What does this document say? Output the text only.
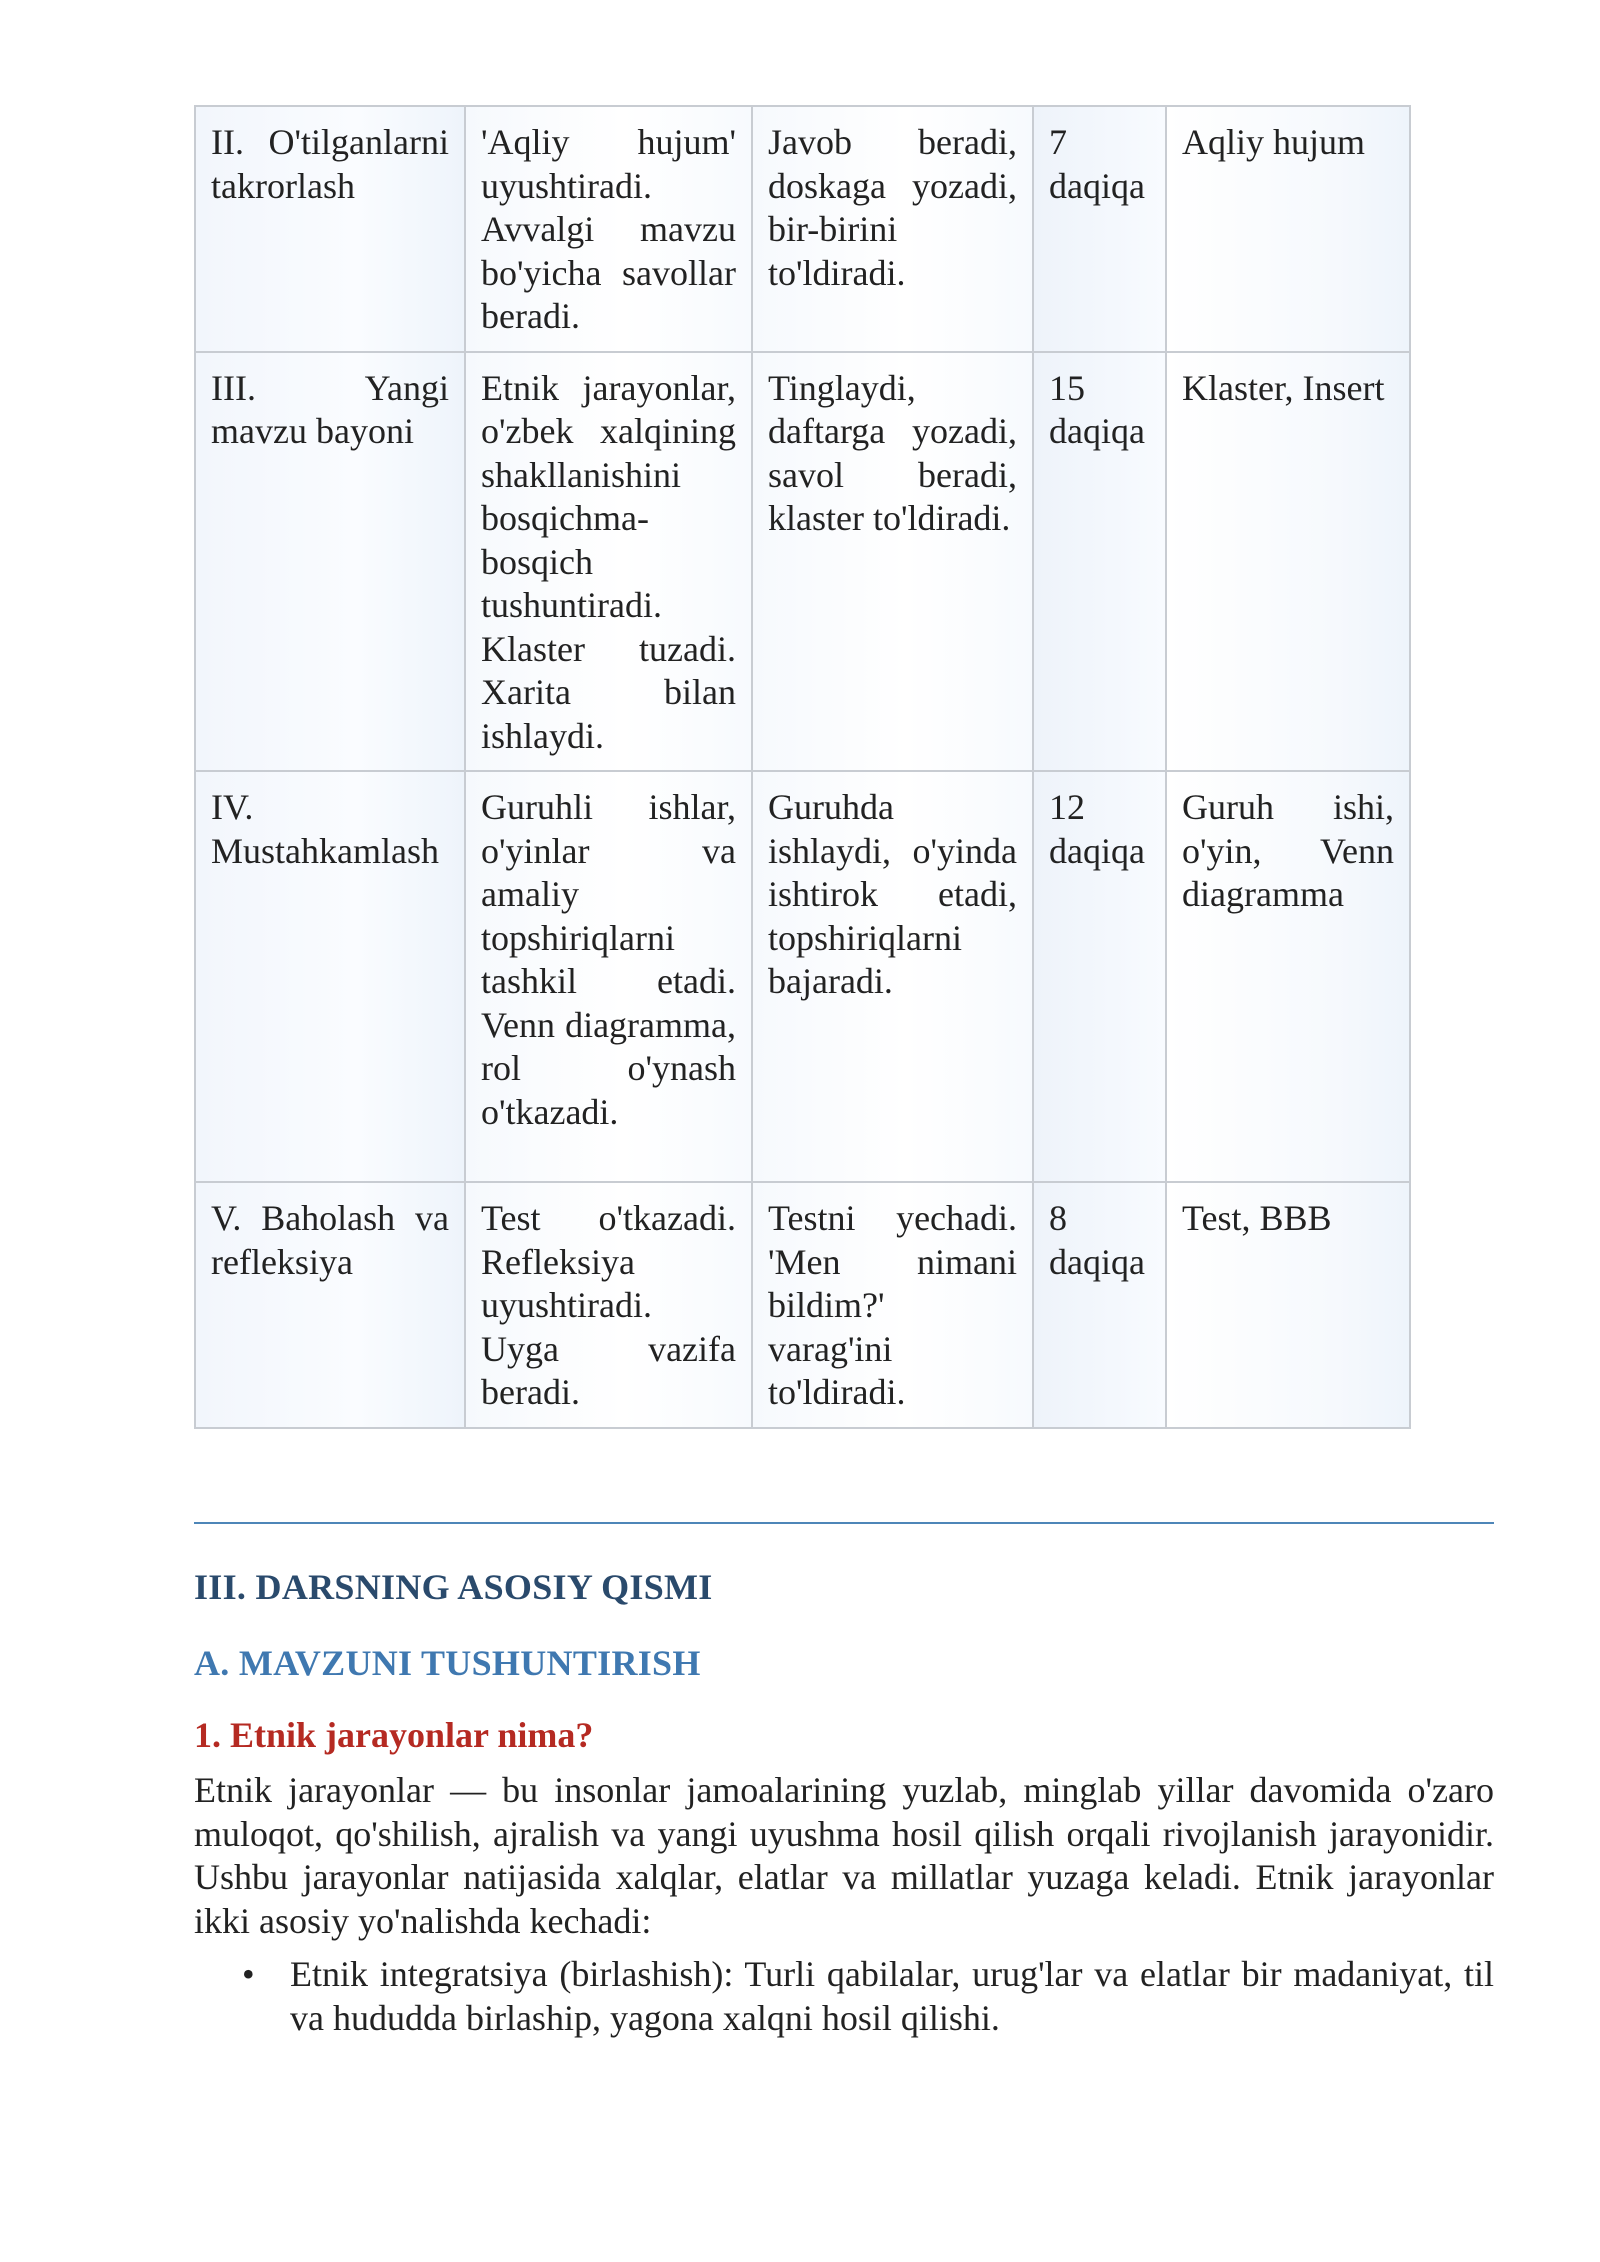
II. O'tilganlarni takrorlash	'Aqliy hujum' uyushtiradi. Avvalgi mavzu bo'yicha savollar beradi.	Javob beradi, doskaga yozadi, bir-birini to'ldiradi.	7 daqiqa	Aqliy hujum
III. Yangi mavzu bayoni	Etnik jarayonlar, o'zbek xalqining shakllanishini bosqichma-bosqich tushuntiradi. Klaster tuzadi. Xarita bilan ishlaydi.	Tinglaydi, daftarga yozadi, savol beradi, klaster to'ldiradi.	15 daqiqa	Klaster, Insert
IV. Mustahkamlash	Guruhli ishlar, o'yinlar va amaliy topshiriqlarni tashkil etadi. Venn diagramma, rol o'ynash o'tkazadi.	Guruhda ishlaydi, o'yinda ishtirok etadi, topshiriqlarni bajaradi.	12 daqiqa	Guruh ishi, o'yin, Venn diagramma
V. Baholash va refleksiya	Test o'tkazadi. Refleksiya uyushtiradi. Uyga vazifa beradi.	Testni yechadi. 'Men nimani bildim?' varag'ini to'ldiradi.	8 daqiqa	Test, BBB
III. DARSNING ASOSIY QISMI
A. MAVZUNI TUSHUNTIRISH
1. Etnik jarayonlar nima?

Etnik jarayonlar — bu insonlar jamoalarining yuzlab, minglab yillar davomida o'zaro muloqot, qo'shilish, ajralish va yangi uyushma hosil qilish orqali rivojlanish jarayonidir. Ushbu jarayonlar natijasida xalqlar, elatlar va millatlar yuzaga keladi. Etnik jarayonlar ikki asosiy yo'nalishda kechadi:

• Etnik integratsiya (birlashish): Turli qabilalar, urug'lar va elatlar bir madaniyat, til va hududda birlaship, yagona xalqni hosil qilishi.
